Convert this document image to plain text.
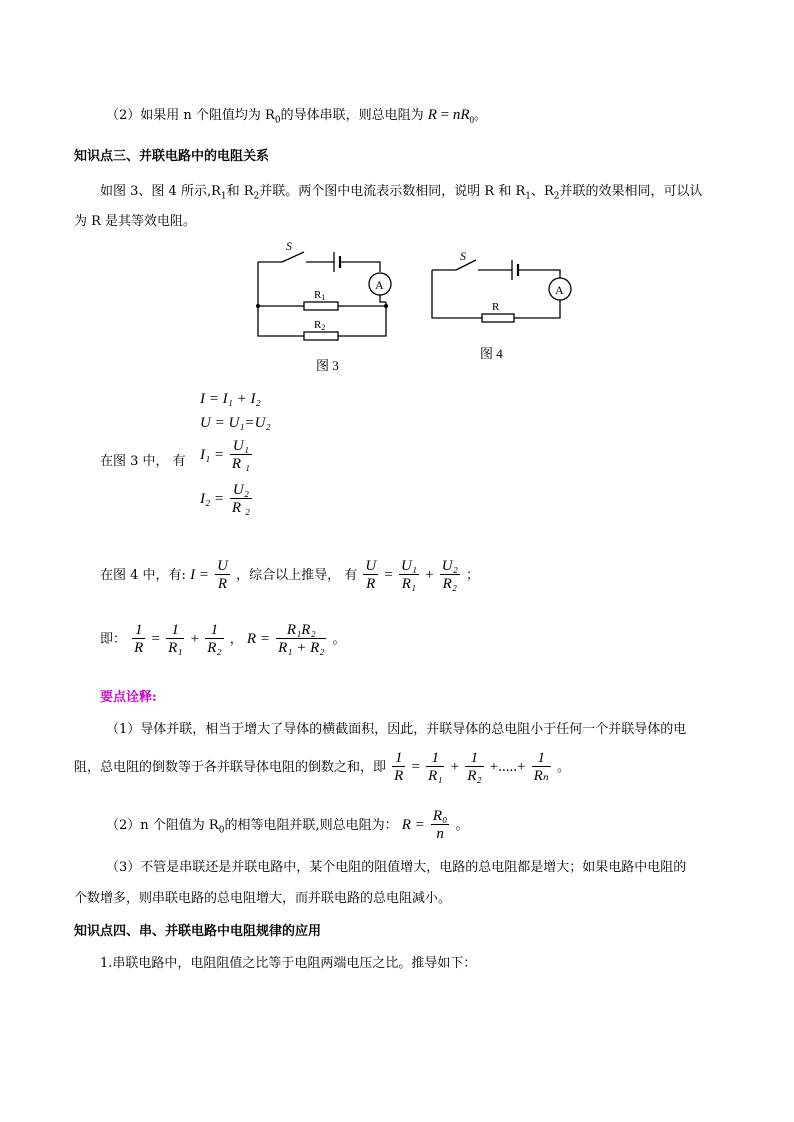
（2）如果用 n 个阻值均为 $R_0$的导体串联，则总电阻为 $R = nR_0$。
知识点三、并联电路中的电阻关系
如图 3、图 4 所示$,R_1$和 $R_2$并联。两个图中电流表示数相同，说明 R 和 $R_1$、$R_2$并联的效果相同，可以认
为 R 是其等效电阻。
S
A
R1
R2
图 3
S
A
R
图 4
I = I₁ + I₂
U = U₁=U₂
在图 3 中， 有 $I_1 = \frac{\text{U₁}}{\text{R ₁}}$
$I_2 = \frac{\text{U₂}}{\text{R ₂}}$
在图 4 中，有: $I = \frac{U}{R}$ ，综合以上推导， 有 $\frac{U}{R} = \frac{\text{U₁}}{\text{R₁}} + \frac{\text{U₂}}{\text{R₂}}$ ；
即： $\frac{1}{R} = \frac{1}{\text{R₁}} + \frac{1}{\text{R₂}}$ ， $R = \frac{\text{R₁R₂}}{\text{R₁ + R₂}}$ 。
要点诠释:
（1）导体并联，相当于增大了导体的横截面积，因此，并联导体的总电阻小于任何一个并联导体的电
阻，总电阻的倒数等于各并联导体电阻的倒数之和，即 $\frac{1}{R} = \frac{1}{\text{R₁}} + \frac{1}{\text{R₂}}$ +.....+ $\frac{1}{\text{Rₙ}}$ 。
（2）n 个阻值为 $R_0$的相等电阻并联,则总电阻为： $R = \frac{\text{R₀}}{n}$ 。
（3）不管是串联还是并联电路中，某个电阻的阻值增大，电路的总电阻都是增大；如果电路中电阻的
个数增多，则串联电路的总电阻增大，而并联电路的总电阻减小。
知识点四、串、并联电路中电阻规律的应用
1.串联电路中，电阻阻值之比等于电阻两端电压之比。推导如下：
